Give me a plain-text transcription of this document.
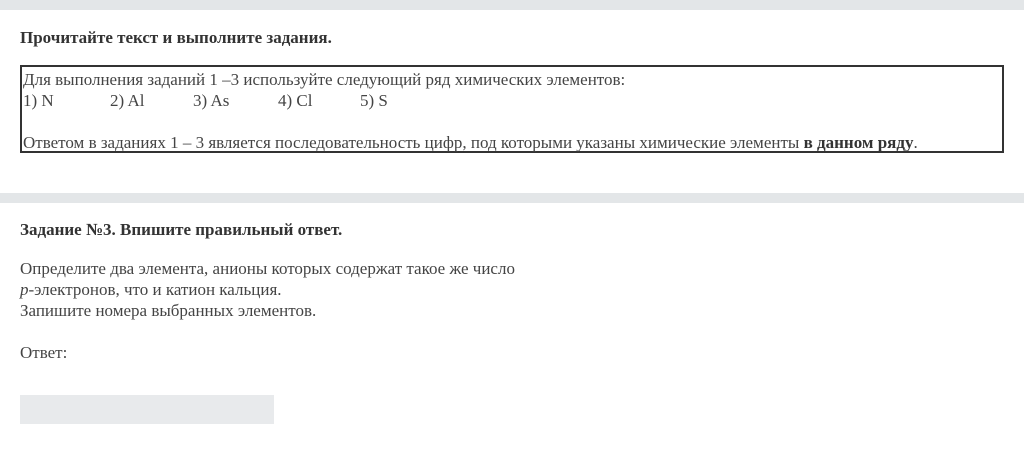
Прочитайте текст и выполните задания.
Для выполнения заданий 1 –3 используйте следующий ряд химических элементов:
1) N	2) Al	3) As	4) Cl	5) S
Ответом в заданиях 1 – 3 является последовательность цифр, под которыми указаны химические элементы в данном ряду.
Задание №3. Впишите правильный ответ.
Определите два элемента, анионы которых содержат такое же число
p-электронов, что и катион кальция.
Запишите номера выбранных элементов.
Ответ:
